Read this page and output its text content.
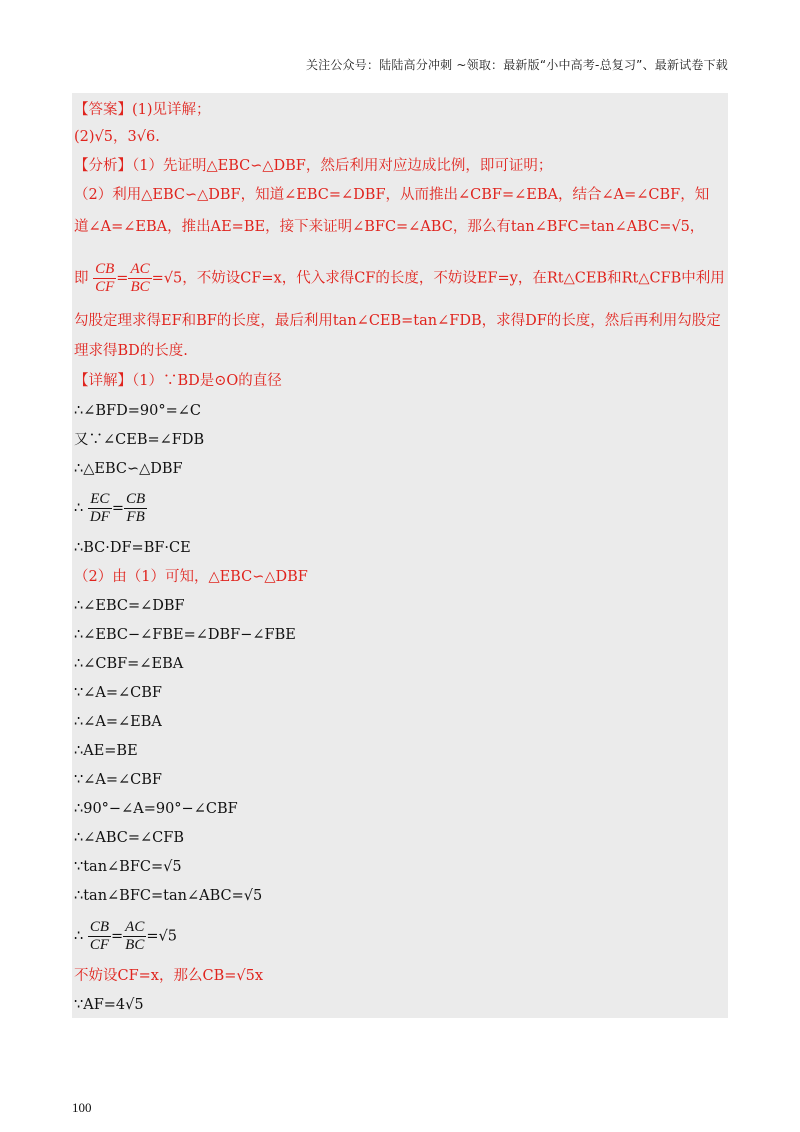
关注公众号：陆陆高分冲刺 ~领取：最新版“小中高考-总复习”、最新试卷下载
【答案】(1)见详解；
(2)√5，3√6.
【分析】（1）先证明△EBC∽△DBF，然后利用对应边成比例，即可证明；
（2）利用△EBC∽△DBF，知道∠EBC=∠DBF，从而推出∠CBF=∠EBA，结合∠A=∠CBF，知
道∠A=∠EBA，推出AE=BE，接下来证明∠BFC=∠ABC，那么有tan∠BFC=tan∠ABC=√5，
即 $\frac{CB}{CF} = \frac{AC}{BC} =√5$，不妨设CF=x，代入求得CF的长度，不妨设EF=y，在Rt△CEB和Rt△CFB中利用
勾股定理求得EF和BF的长度，最后利用tan∠CEB=tan∠FDB，求得DF的长度，然后再利用勾股定
理求得BD的长度.
【详解】（1）∵BD是⊙O的直径
∴∠BFD=90°=∠C
又∵∠CEB=∠FDB
∴△EBC∽△DBF
∴ $\frac{EC}{DF} = \frac{CB}{FB}$
∴BC·DF=BF·CE
（2）由（1）可知，△EBC∽△DBF
∴∠EBC=∠DBF
∴∠EBC−∠FBE=∠DBF−∠FBE
∴∠CBF=∠EBA
∵∠A=∠CBF
∴∠A=∠EBA
∴AE=BE
∵∠A=∠CBF
∴90°−∠A=90°−∠CBF
∴∠ABC=∠CFB
∵tan∠BFC=√5
∴tan∠BFC=tan∠ABC=√5
∴ $\frac{CB}{CF} = \frac{AC}{BC} =√5$
不妨设CF=x，那么CB=√5x
∵AF=4√5
100
